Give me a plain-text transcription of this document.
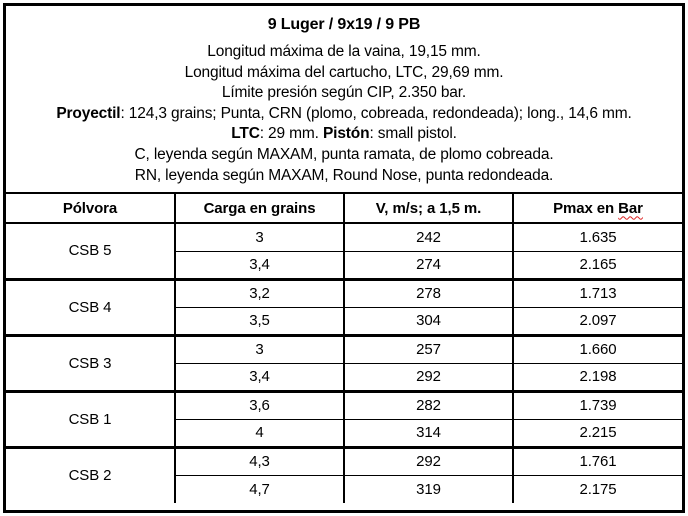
9 Luger / 9x19 / 9 PB
Longitud máxima de la vaina, 19,15 mm.
Longitud máxima del cartucho, LTC, 29,69 mm.
Límite presión según CIP, 2.350 bar.
Proyectil: 124,3 grains; Punta, CRN (plomo, cobreada, redondeada); long., 14,6 mm.
LTC: 29 mm. Pistón: small pistol.
C, leyenda según MAXAM, punta ramata, de plomo cobreada.
RN, leyenda según MAXAM, Round Nose, punta redondeada.
Pólvora	Carga en grains	V, m/s; a 1,5 m.	Pmax en Bar
CSB 5	3	242	1.635
	3,4	274	2.165
CSB 4	3,2	278	1.713
	3,5	304	2.097
CSB 3	3	257	1.660
	3,4	292	2.198
CSB 1	3,6	282	1.739
	4	314	2.215
CSB 2	4,3	292	1.761
	4,7	319	2.175
